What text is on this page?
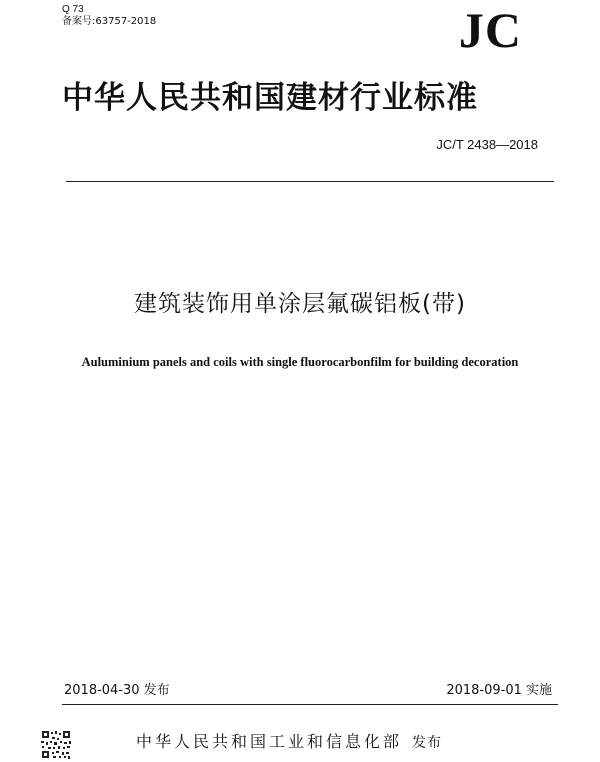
Q 73
备案号:63757-2018	JC
中华人民共和国建材行业标准
JC/T 2438—2018
建筑装饰用单涂层氟碳铝板(带)
Auluminium panels and coils with single fluorocarbonfilm for building decoration
2018-04-30 发布	2018-09-01 实施
中华人民共和国工业和信息化部 发布
